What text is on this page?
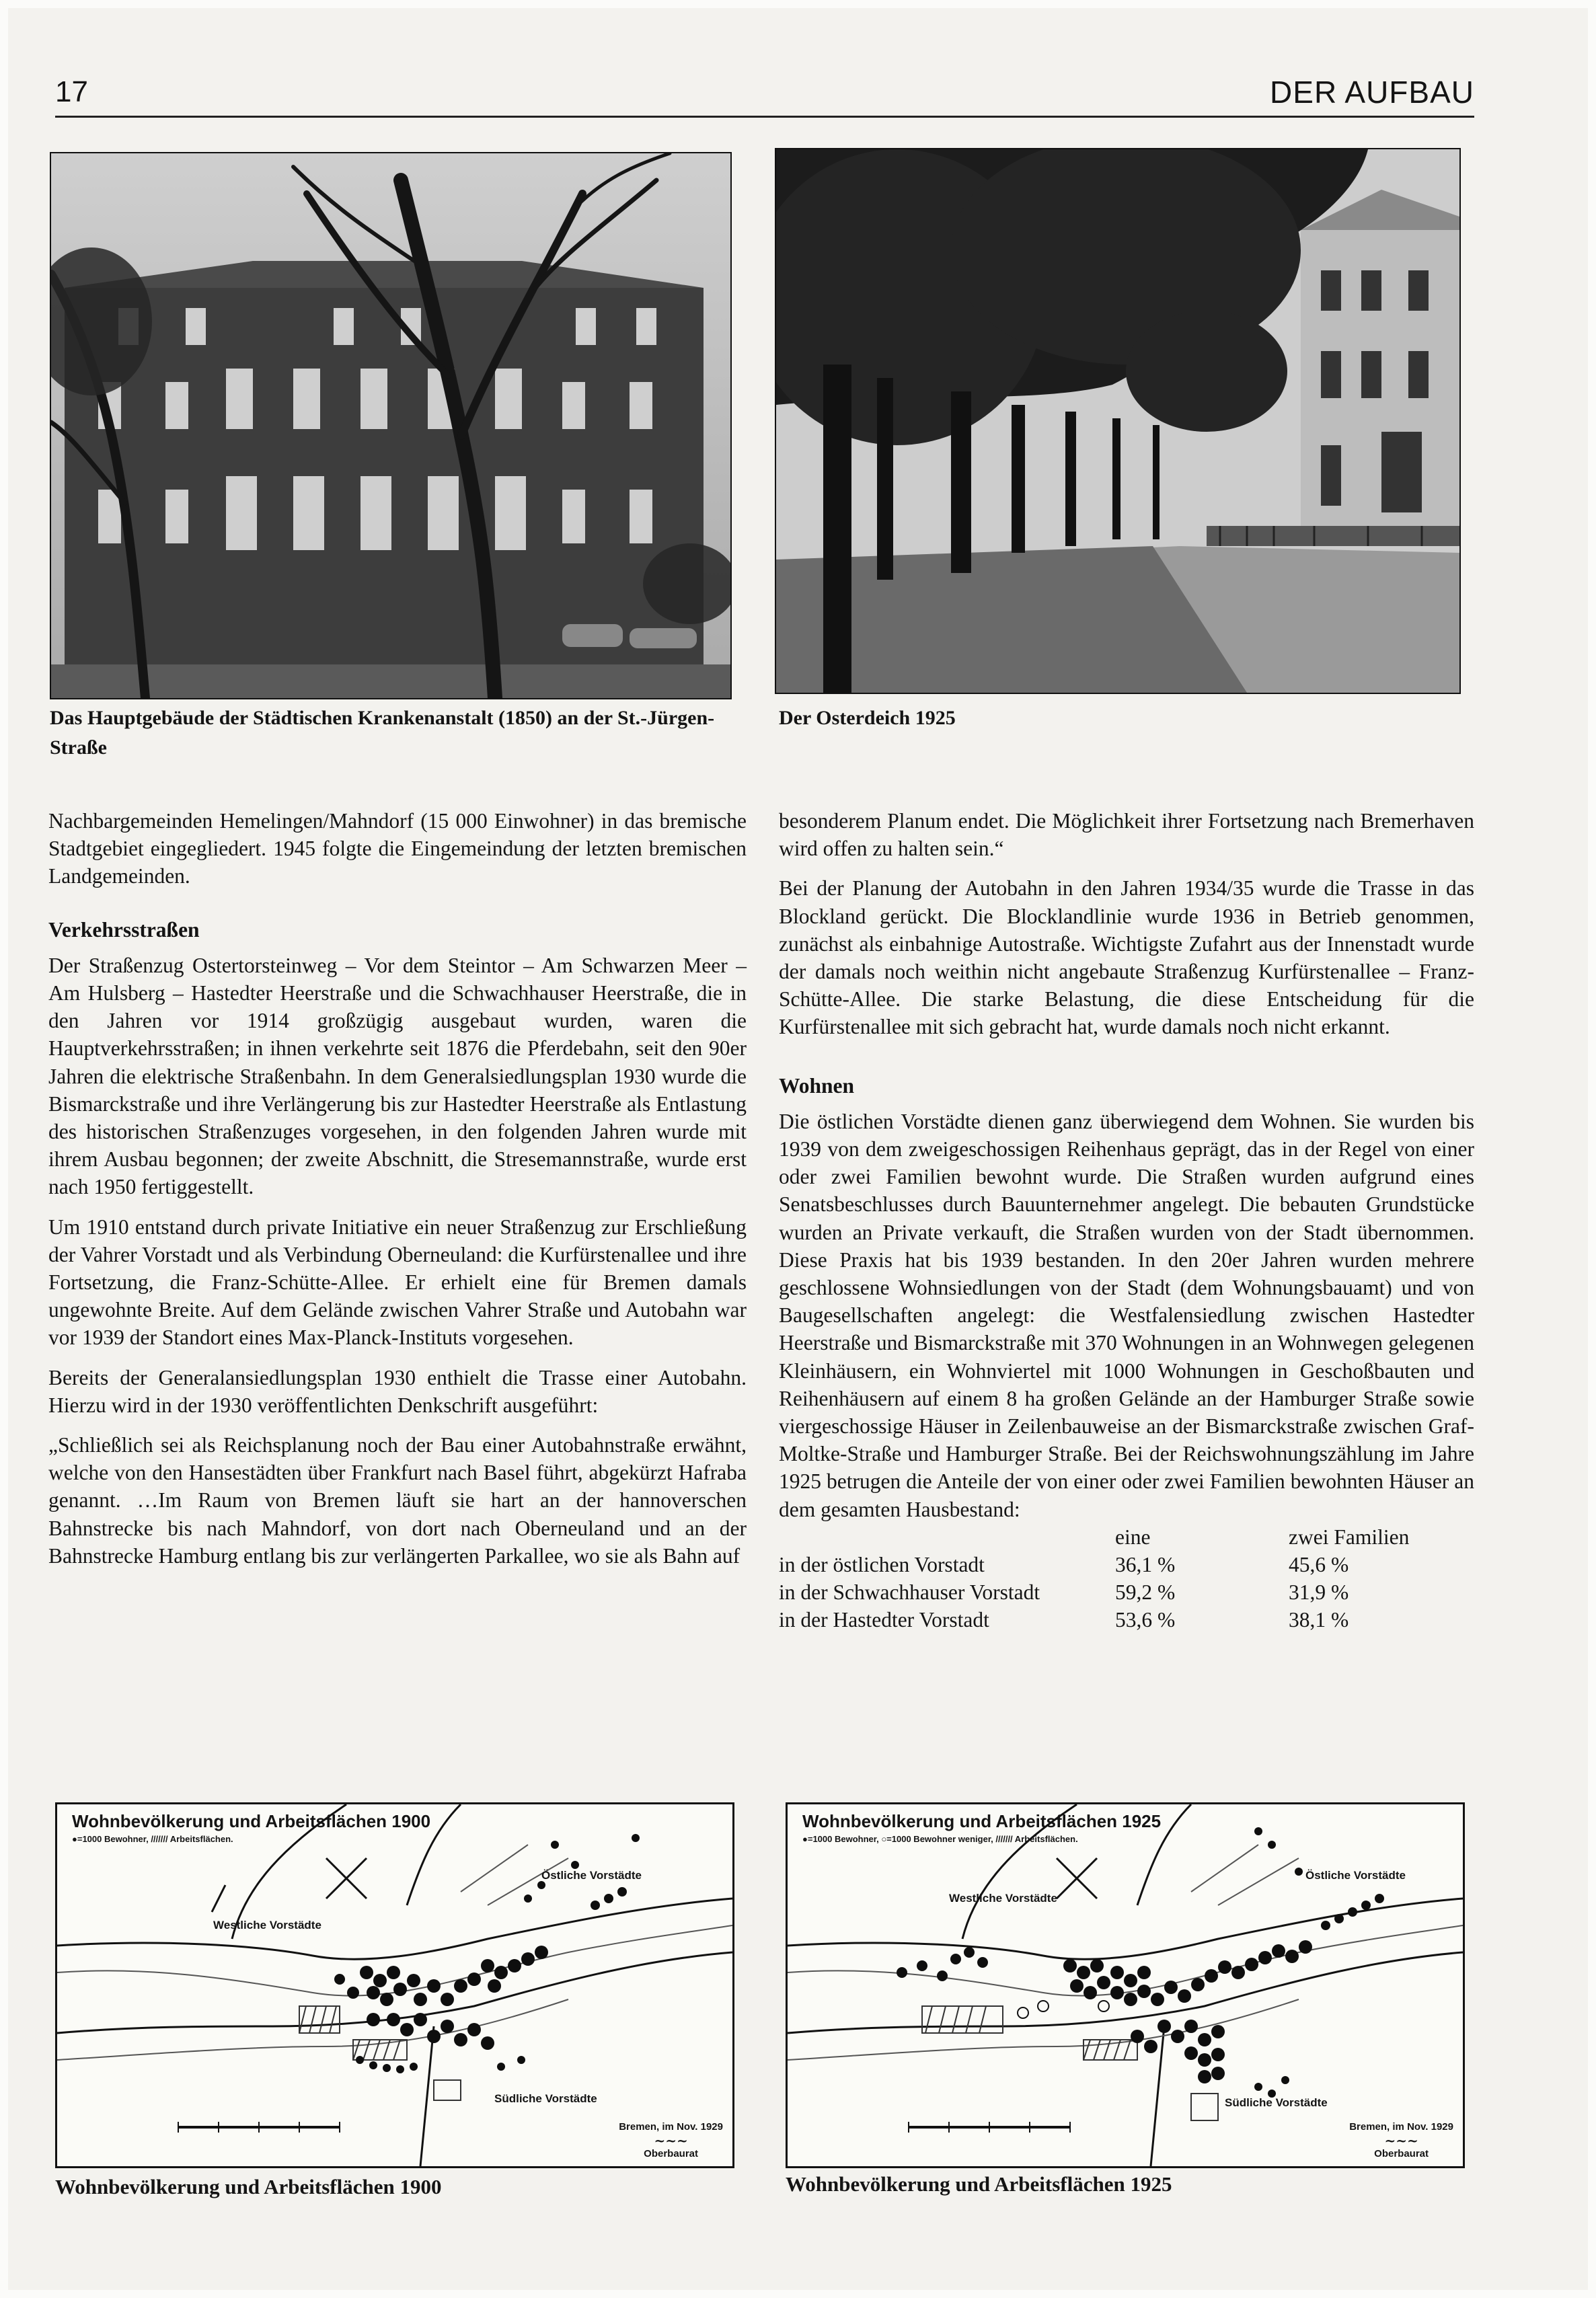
17	DER AUFBAU
Das Hauptgebäude der Städtischen Krankenanstalt (1850) an der St.-Jürgen-Straße
Der Osterdeich 1925

Nachbargemeinden Hemelingen/Mahndorf (15 000 Einwohner) in das bremische Stadtgebiet eingegliedert. 1945 folgte die Eingemeindung der letzten bremischen Landgemeinden.

Verkehrsstraßen

Der Straßenzug Ostertorsteinweg – Vor dem Steintor – Am Schwarzen Meer – Am Hulsberg – Hastedter Heerstraße und die Schwachhauser Heerstraße, die in den Jahren vor 1914 großzügig ausgebaut wurden, waren die Hauptverkehrsstraßen; in ihnen verkehrte seit 1876 die Pferdebahn, seit den 90er Jahren die elektrische Straßenbahn. In dem Generalsiedlungsplan 1930 wurde die Bismarckstraße und ihre Verlängerung bis zur Hastedter Heerstraße als Entlastung des historischen Straßenzuges vorgesehen, in den folgenden Jahren wurde mit ihrem Ausbau begonnen; der zweite Abschnitt, die Stresemannstraße, wurde erst nach 1950 fertiggestellt.

Um 1910 entstand durch private Initiative ein neuer Straßenzug zur Erschließung der Vahrer Vorstadt und als Verbindung Oberneuland: die Kurfürstenallee und ihre Fortsetzung, die Franz-Schütte-Allee. Er erhielt eine für Bremen damals ungewohnte Breite. Auf dem Gelände zwischen Vahrer Straße und Autobahn war vor 1939 der Standort eines Max-Planck-Instituts vorgesehen.

Bereits der Generalansiedlungsplan 1930 enthielt die Trasse einer Autobahn. Hierzu wird in der 1930 veröffentlichten Denkschrift ausgeführt:

„Schließlich sei als Reichsplanung noch der Bau einer Autobahnstraße erwähnt, welche von den Hansestädten über Frankfurt nach Basel führt, abgekürzt Hafraba genannt. …Im Raum von Bremen läuft sie hart an der hannoverschen Bahnstrecke bis nach Mahndorf, von dort nach Oberneuland und an der Bahnstrecke Hamburg entlang bis zur verlängerten Parkallee, wo sie als Bahn auf

besonderem Planum endet. Die Möglichkeit ihrer Fortsetzung nach Bremerhaven wird offen zu halten sein.“

Bei der Planung der Autobahn in den Jahren 1934/35 wurde die Trasse in das Blockland gerückt. Die Blocklandlinie wurde 1936 in Betrieb genommen, zunächst als einbahnige Autostraße. Wichtigste Zufahrt aus der Innenstadt wurde der damals noch weithin nicht angebaute Straßenzug Kurfürstenallee – Franz-Schütte-Allee. Die starke Belastung, die diese Entscheidung für die Kurfürstenallee mit sich gebracht hat, wurde damals noch nicht erkannt.

Wohnen

Die östlichen Vorstädte dienen ganz überwiegend dem Wohnen. Sie wurden bis 1939 von dem zweigeschossigen Reihenhaus geprägt, das in der Regel von einer oder zwei Familien bewohnt wurde. Die Straßen wurden aufgrund eines Senatsbeschlusses durch Bauunternehmer angelegt. Die bebauten Grundstücke wurden an Private verkauft, die Straßen wurden von der Stadt übernommen. Diese Praxis hat bis 1939 bestanden. In den 20er Jahren wurden mehrere geschlossene Wohnsiedlungen von der Stadt (dem Wohnungsbauamt) und von Baugesellschaften angelegt: die Westfalensiedlung zwischen Hastedter Heerstraße und Bismarckstraße mit 370 Wohnungen in an Wohnwegen gelegenen Kleinhäusern, ein Wohnviertel mit 1000 Wohnungen in Geschoßbauten und Reihenhäusern auf einem 8 ha großen Gelände an der Hamburger Straße sowie viergeschossige Häuser in Zeilenbauweise an der Bismarckstraße zwischen Graf-Moltke-Straße und Hamburger Straße. Bei der Reichswohnungszählung im Jahre 1925 betrugen die Anteile der von einer oder zwei Familien bewohnten Häuser an dem gesamten Hausbestand:

	eine	zwei Familien
in der östlichen Vorstadt	36,1 %	45,6 %
in der Schwachhauser Vorstadt	59,2 %	31,9 %
in der Hastedter Vorstadt	53,6 %	38,1 %
Wohnbevölkerung und Arbeitsflächen 1900
●=1000 Bewohner, /////// Arbeitsflächen.
Östliche Vorstädte
Westliche Vorstädte
Südliche Vorstädte
Bremen, im Nov. 1929
~~~
Oberbaurat
Wohnbevölkerung und Arbeitsflächen 1900
Wohnbevölkerung und Arbeitsflächen 1925
●=1000 Bewohner, ○=1000 Bewohner weniger, /////// Arbeitsflächen.
Östliche Vorstädte
Westliche Vorstädte
Südliche Vorstädte
Bremen, im Nov. 1929
~~~
Oberbaurat
Wohnbevölkerung und Arbeitsflächen 1925
